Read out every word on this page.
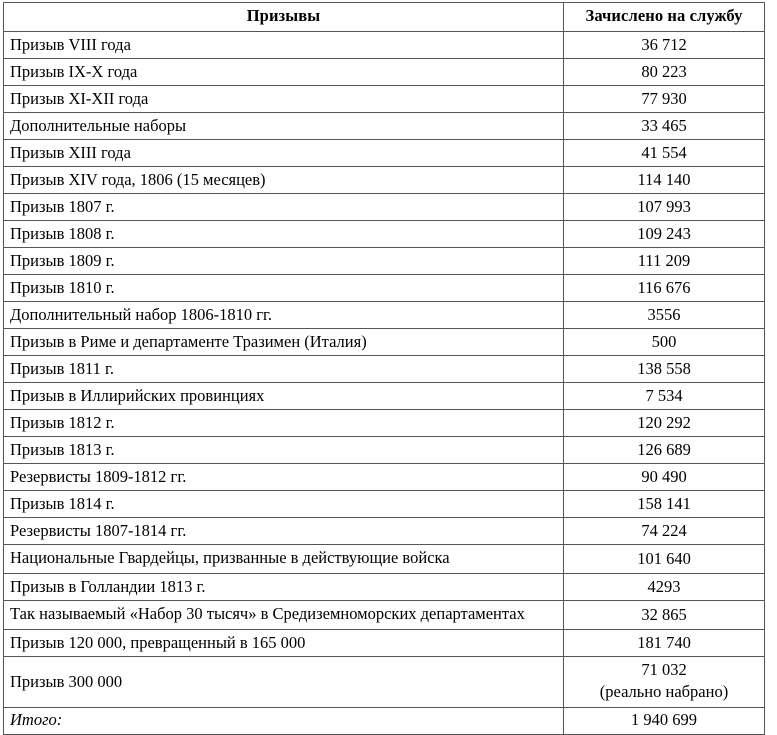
Призывы	Зачислено на службу
Призыв VIII года	36 712
Призыв IX-X года	80 223
Призыв XI-XII года	77 930
Дополнительные наборы	33 465
Призыв XIII года	41 554
Призыв XIV года, 1806 (15 месяцев)	114 140
Призыв 1807 г.	107 993
Призыв 1808 г.	109 243
Призыв 1809 г.	111 209
Призыв 1810 г.	116 676
Дополнительный набор 1806-1810 гг.	3556
Призыв в Риме и департаменте Тразимен (Италия)	500
Призыв 1811 г.	138 558
Призыв в Иллирийских провинциях	7 534
Призыв 1812 г.	120 292
Призыв 1813 г.	126 689
Резервисты 1809-1812 гг.	90 490
Призыв 1814 г.	158 141
Резервисты 1807-1814 гг.	74 224
Национальные Гвардейцы, призванные в действующие войска	101 640
Призыв в Голландии 1813 г.	4293
Так называемый «Набор 30 тысяч» в Средиземноморских департаментах	32 865
Призыв 120 000, превращенный в 165 000	181 740
Призыв 300 000	71 032
(реально набрано)

Итого:	1 940 699
